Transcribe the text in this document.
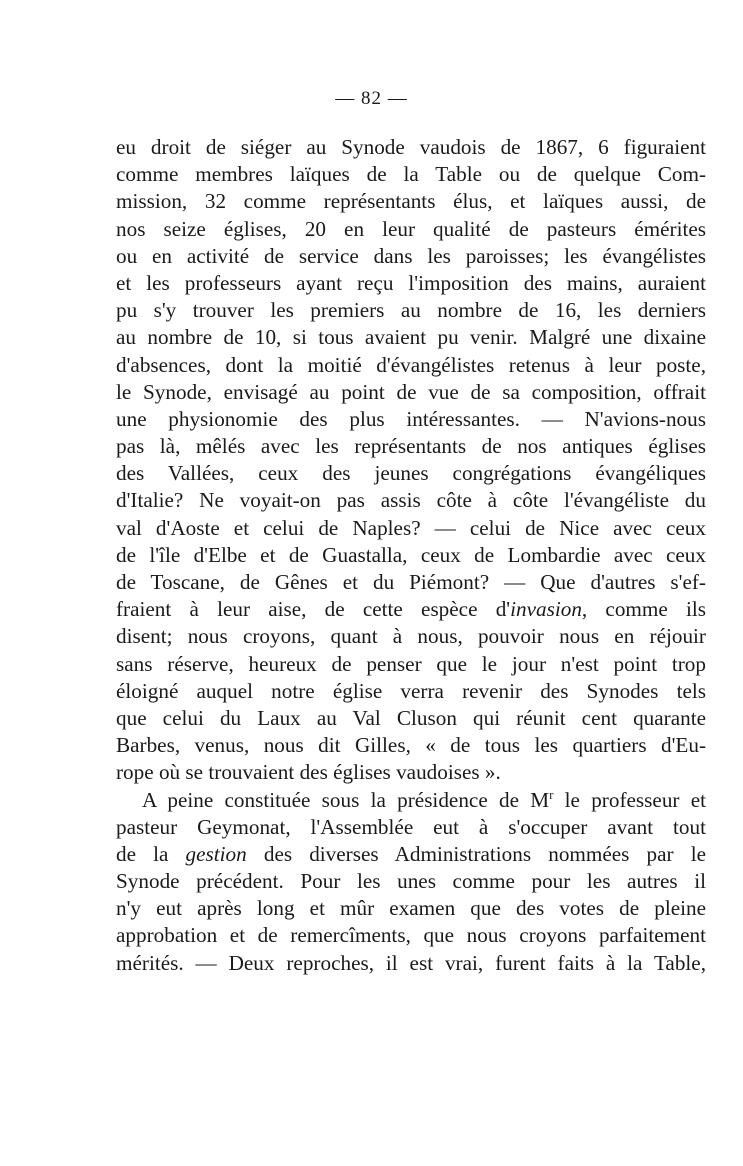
— 82 —
eu droit de siéger au Synode vaudois de 1867, 6 figuraient
comme membres laïques de la Table ou de quelque Com-
mission, 32 comme représentants élus, et laïques aussi, de
nos seize églises, 20 en leur qualité de pasteurs émérites
ou en activité de service dans les paroisses; les évangélistes
et les professeurs ayant reçu l'imposition des mains, auraient
pu s'y trouver les premiers au nombre de 16, les derniers
au nombre de 10, si tous avaient pu venir. Malgré une dixaine
d'absences, dont la moitié d'évangélistes retenus à leur poste,
le Synode, envisagé au point de vue de sa composition, offrait
une physionomie des plus intéressantes. — N'avions-nous
pas là, mêlés avec les représentants de nos antiques églises
des Vallées, ceux des jeunes congrégations évangéliques
d'Italie? Ne voyait-on pas assis côte à côte l'évangéliste du
val d'Aoste et celui de Naples? — celui de Nice avec ceux
de l'île d'Elbe et de Guastalla, ceux de Lombardie avec ceux
de Toscane, de Gênes et du Piémont? — Que d'autres s'ef-
fraient à leur aise, de cette espèce d'invasion, comme ils
disent; nous croyons, quant à nous, pouvoir nous en réjouir
sans réserve, heureux de penser que le jour n'est point trop
éloigné auquel notre église verra revenir des Synodes tels
que celui du Laux au Val Cluson qui réunit cent quarante
Barbes, venus, nous dit Gilles, « de tous les quartiers d'Eu-
rope où se trouvaient des églises vaudoises ».
A peine constituée sous la présidence de $M^r$ le professeur et
pasteur Geymonat, l'Assemblée eut à s'occuper avant tout
de la gestion des diverses Administrations nommées par le
Synode précédent. Pour les unes comme pour les autres il
n'y eut après long et mûr examen que des votes de pleine
approbation et de remercîments, que nous croyons parfaitement
mérités. — Deux reproches, il est vrai, furent faits à la Table,
